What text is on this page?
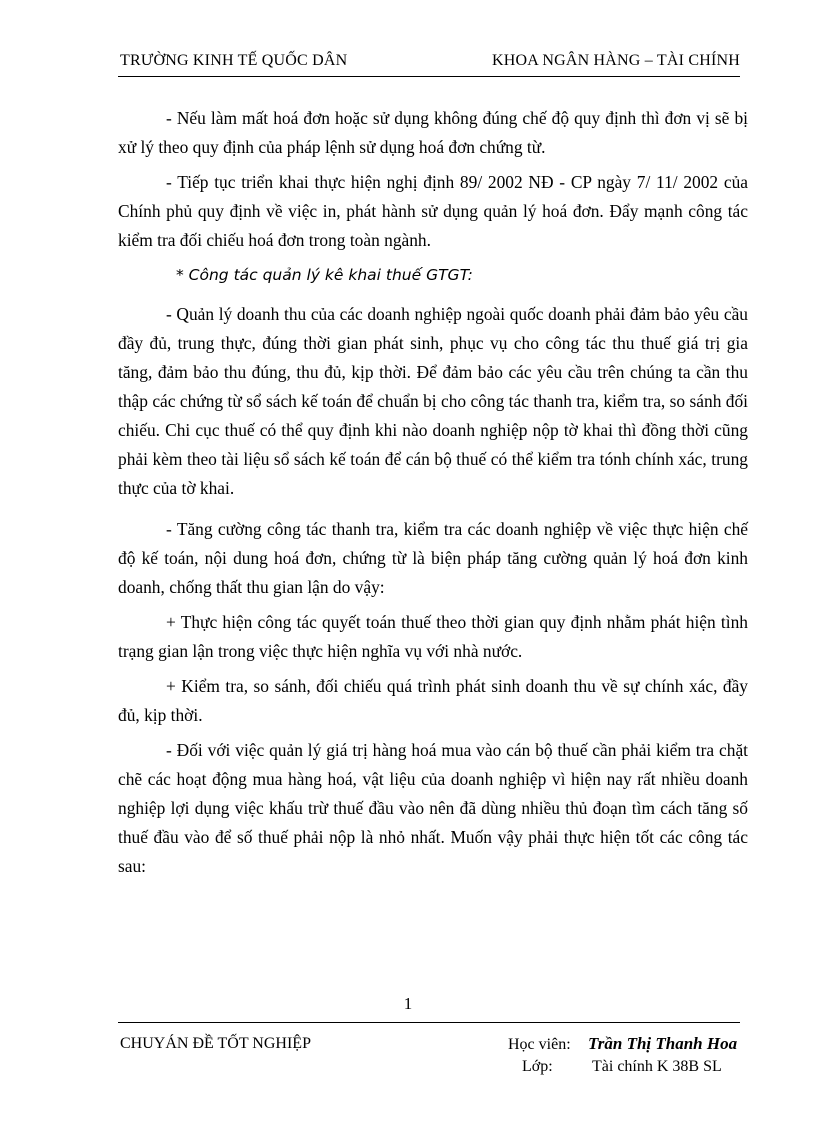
TRƯỜNG KINH TẾ QUỐC DÂN	KHOA NGÂN HÀNG – TÀI CHÍNH

- Nếu làm mất hoá đơn hoặc sử dụng không đúng chế độ quy định thì đơn vị sẽ bị xử lý theo quy định của pháp lệnh sử dụng hoá đơn chứng từ.

- Tiếp tục triển khai thực hiện nghị định 89/ 2002 NĐ - CP ngày 7/ 11/ 2002 của Chính phủ quy định về việc in, phát hành sử dụng quản lý hoá đơn. Đẩy mạnh công tác kiểm tra đối chiếu hoá đơn trong toàn ngành.

* Công tác quản lý kê khai thuế GTGT:

- Quản lý doanh thu của các doanh nghiệp ngoài quốc doanh phải đảm bảo yêu cầu đầy đủ, trung thực, đúng thời gian phát sinh, phục vụ cho công tác thu thuế giá trị gia tăng, đảm bảo thu đúng, thu đủ, kịp thời. Để đảm bảo các yêu cầu trên chúng ta cần thu thập các chứng từ sổ sách kế toán để chuẩn bị cho công tác thanh tra, kiểm tra, so sánh đối chiếu. Chi cục thuế có thể quy định khi nào doanh nghiệp nộp tờ khai thì đồng thời cũng phải kèm theo tài liệu sổ sách kế toán để cán bộ thuế có thể kiểm tra tónh chính xác, trung thực của tờ khai.

- Tăng cường công tác thanh tra, kiểm tra các doanh nghiệp về việc thực hiện chế độ kế toán, nội dung hoá đơn, chứng từ là biện pháp tăng cường quản lý hoá đơn kinh doanh, chống thất thu gian lận do vậy:

+ Thực hiện công tác quyết toán thuế theo thời gian quy định nhằm phát hiện tình trạng gian lận trong việc thực hiện nghĩa vụ với nhà nước.

+ Kiểm tra, so sánh, đối chiếu quá trình phát sinh doanh thu về sự chính xác, đầy đủ, kịp thời.

- Đối với việc quản lý giá trị hàng hoá mua vào cán bộ thuế cần phải kiểm tra chặt chẽ các hoạt động mua hàng hoá, vật liệu của doanh nghiệp vì hiện nay rất nhiều doanh nghiệp lợi dụng việc khấu trừ thuế đầu vào nên đã dùng nhiều thủ đoạn tìm cách tăng số thuế đầu vào để số thuế phải nộp là nhỏ nhất. Muốn vậy phải thực hiện tốt các công tác sau:

1
CHUYÁN ĐỀ TỐT NGHIỆP	Học viên: Trần Thị Thanh Hoa
Lớp: Tài chính K 38B SL
